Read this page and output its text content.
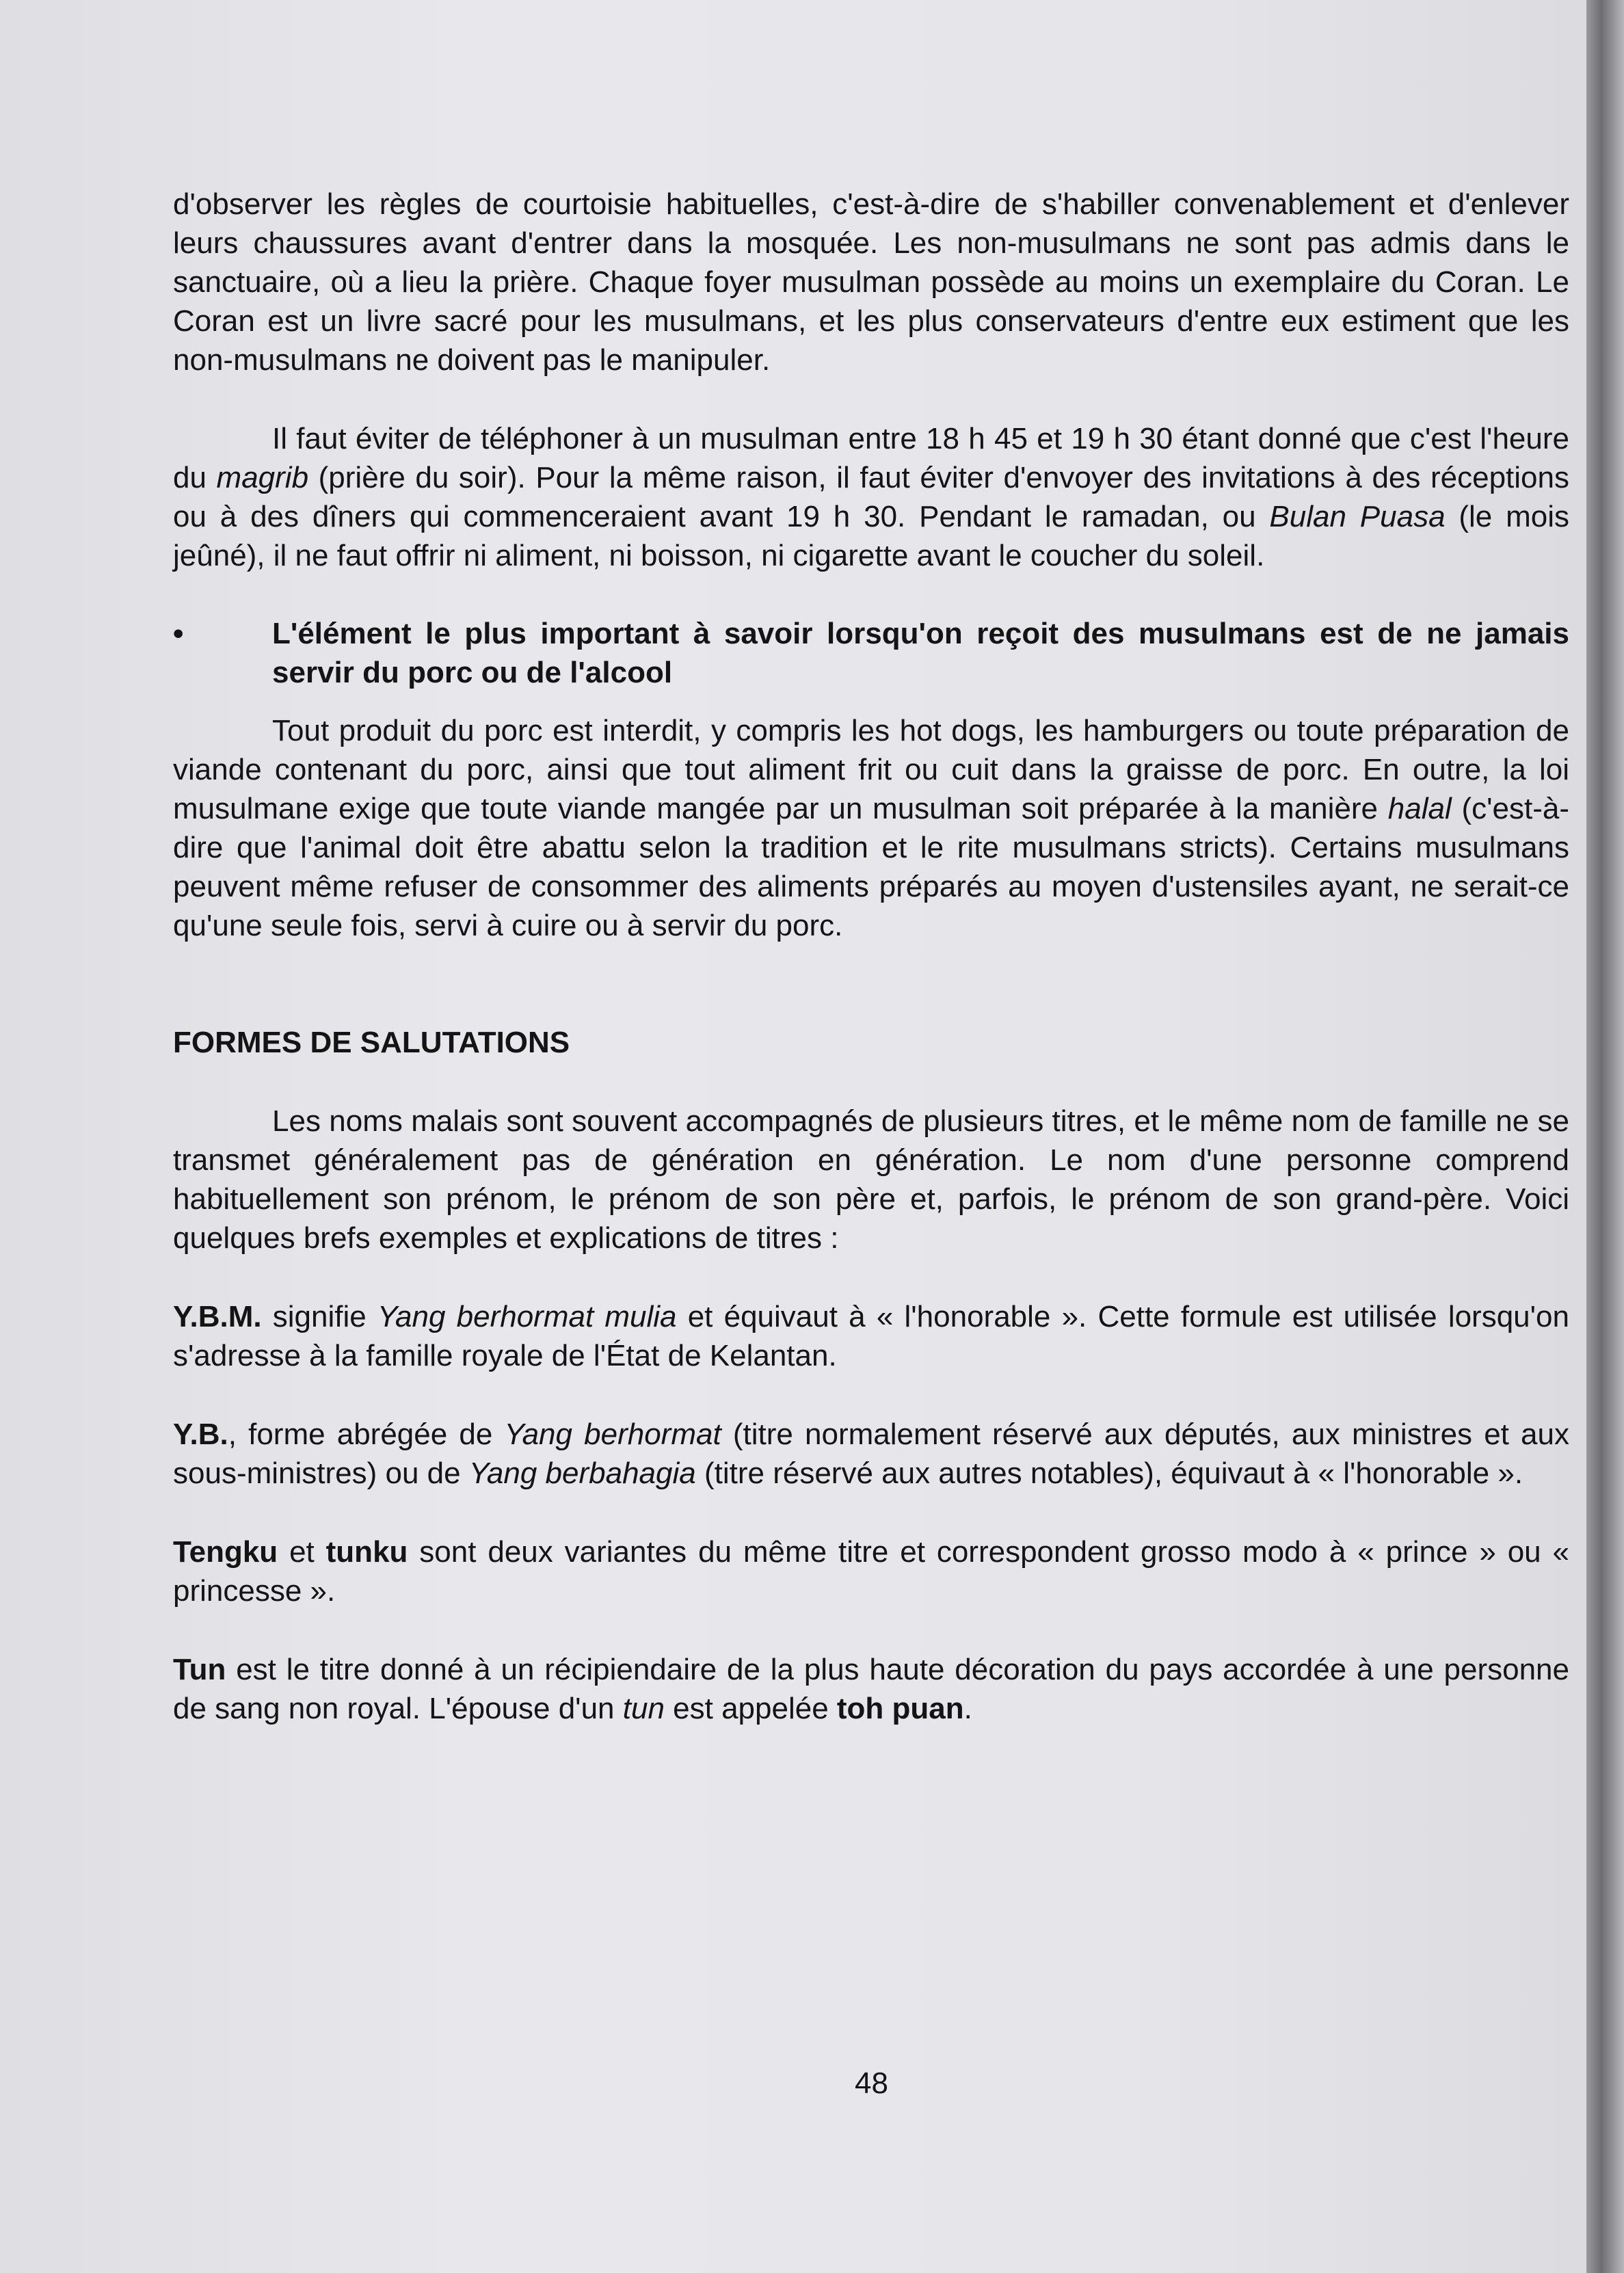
d'observer les règles de courtoisie habituelles, c'est-à-dire de s'habiller convenablement et d'enlever leurs chaussures avant d'entrer dans la mosquée. Les non-musulmans ne sont pas admis dans le sanctuaire, où a lieu la prière. Chaque foyer musulman possède au moins un exemplaire du Coran. Le Coran est un livre sacré pour les musulmans, et les plus conservateurs d'entre eux estiment que les non-musulmans ne doivent pas le manipuler.

Il faut éviter de téléphoner à un musulman entre 18 h 45 et 19 h 30 étant donné que c'est l'heure du magrib (prière du soir). Pour la même raison, il faut éviter d'envoyer des invitations à des réceptions ou à des dîners qui commenceraient avant 19 h 30. Pendant le ramadan, ou Bulan Puasa (le mois jeûné), il ne faut offrir ni aliment, ni boisson, ni cigarette avant le coucher du soleil.

•	L'élément le plus important à savoir lorsqu'on reçoit des musulmans est de ne jamais servir du porc ou de l'alcool

Tout produit du porc est interdit, y compris les hot dogs, les hamburgers ou toute préparation de viande contenant du porc, ainsi que tout aliment frit ou cuit dans la graisse de porc. En outre, la loi musulmane exige que toute viande mangée par un musulman soit préparée à la manière halal (c'est-à-dire que l'animal doit être abattu selon la tradition et le rite musulmans stricts). Certains musulmans peuvent même refuser de consommer des aliments préparés au moyen d'ustensiles ayant, ne serait-ce qu'une seule fois, servi à cuire ou à servir du porc.

FORMES DE SALUTATIONS

Les noms malais sont souvent accompagnés de plusieurs titres, et le même nom de famille ne se transmet généralement pas de génération en génération. Le nom d'une personne comprend habituellement son prénom, le prénom de son père et, parfois, le prénom de son grand-père. Voici quelques brefs exemples et explications de titres :

Y.B.M. signifie Yang berhormat mulia et équivaut à « l'honorable ». Cette formule est utilisée lorsqu'on s'adresse à la famille royale de l'État de Kelantan.

Y.B., forme abrégée de Yang berhormat (titre normalement réservé aux députés, aux ministres et aux sous-ministres) ou de Yang berbahagia (titre réservé aux autres notables), équivaut à « l'honorable ».

Tengku et tunku sont deux variantes du même titre et correspondent grosso modo à « prince » ou « princesse ».

Tun est le titre donné à un récipiendaire de la plus haute décoration du pays accordée à une personne de sang non royal. L'épouse d'un tun est appelée toh puan.

48
